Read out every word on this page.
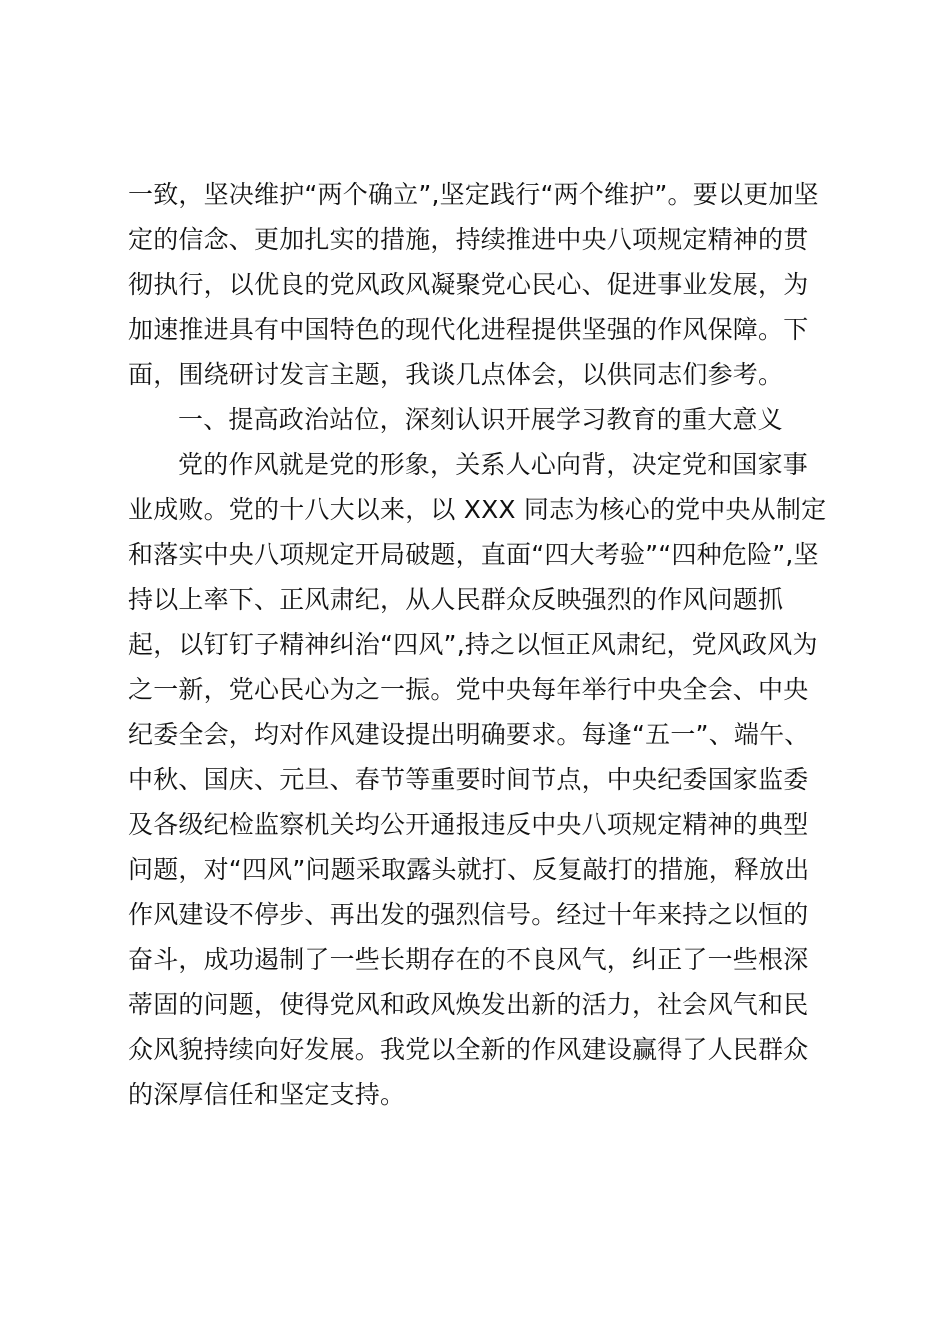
一致，坚决维护“两个确立”,坚定践行“两个维护”。要以更加坚
定的信念、更加扎实的措施，持续推进中央八项规定精神的贯
彻执行，以优良的党风政风凝聚党心民心、促进事业发展，为
加速推进具有中国特色的现代化进程提供坚强的作风保障。下
面，围绕研讨发言主题，我谈几点体会，以供同志们参考。
一、提高政治站位，深刻认识开展学习教育的重大意义
党的作风就是党的形象，关系人心向背，决定党和国家事
业成败。党的十八大以来，以 XXX 同志为核心的党中央从制定
和落实中央八项规定开局破题，直面“四大考验”“四种危险”,坚
持以上率下、正风肃纪，从人民群众反映强烈的作风问题抓
起，以钉钉子精神纠治“四风”,持之以恒正风肃纪，党风政风为
之一新，党心民心为之一振。党中央每年举行中央全会、中央
纪委全会，均对作风建设提出明确要求。每逢“五一”、端午、
中秋、国庆、元旦、春节等重要时间节点，中央纪委国家监委
及各级纪检监察机关均公开通报违反中央八项规定精神的典型
问题，对“四风”问题采取露头就打、反复敲打的措施，释放出
作风建设不停步、再出发的强烈信号。经过十年来持之以恒的
奋斗，成功遏制了一些长期存在的不良风气，纠正了一些根深
蒂固的问题，使得党风和政风焕发出新的活力，社会风气和民
众风貌持续向好发展。我党以全新的作风建设赢得了人民群众
的深厚信任和坚定支持。
